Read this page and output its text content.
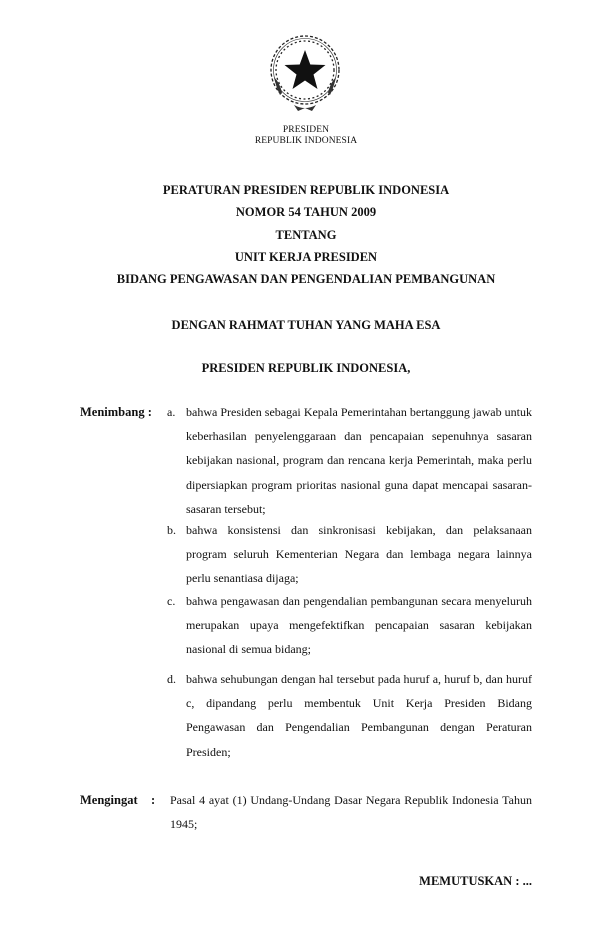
PRESIDEN
REPUBLIK INDONESIA
PERATURAN PRESIDEN REPUBLIK INDONESIA
NOMOR 54 TAHUN 2009
TENTANG
UNIT KERJA PRESIDEN
BIDANG PENGAWASAN DAN PENGENDALIAN PEMBANGUNAN
DENGAN RAHMAT TUHAN YANG MAHA ESA
PRESIDEN REPUBLIK INDONESIA,
Menimbang : a. bahwa Presiden sebagai Kepala Pemerintahan bertanggung jawab untuk keberhasilan penyelenggaraan dan pencapaian sepenuhnya sasaran kebijakan nasional, program dan rencana kerja Pemerintah, maka perlu dipersiapkan program prioritas nasional guna dapat mencapai sasaran-sasaran tersebut;
b. bahwa konsistensi dan sinkronisasi kebijakan, dan pelaksanaan program seluruh Kementerian Negara dan lembaga negara lainnya perlu senantiasa dijaga;
c. bahwa pengawasan dan pengendalian pembangunan secara menyeluruh merupakan upaya mengefektifkan pencapaian sasaran kebijakan nasional di semua bidang;
d. bahwa sehubungan dengan hal tersebut pada huruf a, huruf b, dan huruf c, dipandang perlu membentuk Unit Kerja Presiden Bidang Pengawasan dan Pengendalian Pembangunan dengan Peraturan Presiden;
Mengingat : Pasal 4 ayat (1) Undang-Undang Dasar Negara Republik Indonesia Tahun 1945;
MEMUTUSKAN : ...
